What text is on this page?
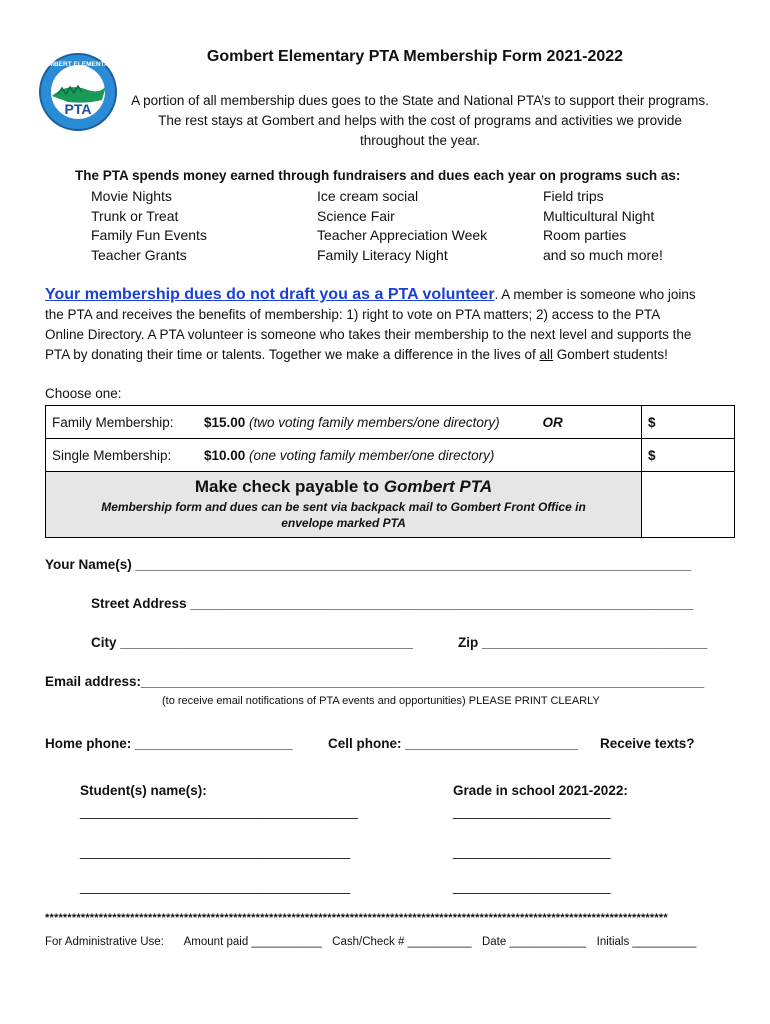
PTA
GOMBERT ELEMENTARY	Gombert Elementary PTA Membership Form 2021-2022
A portion of all membership dues goes to the State and National PTA’s to support their programs.
The rest stays at Gombert and helps with the cost of programs and activities we provide
throughout the year.
The PTA spends money earned through fundraisers and dues each year on programs such as:
Movie Nights
Trunk or Treat
Family Fun Events
Teacher Grants
Ice cream social
Science Fair
Teacher Appreciation Week
Family Literacy Night
Field trips
Multicultural Night
Room parties
and so much more!
Your membership dues do not draft you as a PTA volunteer. A member is someone who joins
the PTA and receives the benefits of membership: 1) right to vote on PTA matters; 2) access to the PTA
Online Directory. A PTA volunteer is someone who takes their membership to the next level and supports the
PTA by donating their time or talents. Together we make a difference in the lives of all Gombert students!
Choose one:
Family Membership: $15.00 (two voting family members/one directory) OR	$
Single Membership: $10.00 (one voting family member/one directory)	$

Make check payable to Gombert PTA
Membership form and dues can be sent via backpack mail to Gombert Front Office in envelope marked PTA	

Your Name(s) __________________________________________________________________________
Street Address ___________________________________________________________________
City _______________________________________	Zip ______________________________
Email address:___________________________________________________________________________
(to receive email notifications of PTA events and opportunities) PLEASE PRINT CLEARLY
Home phone: _____________________	Cell phone: _______________________ Receive texts?
Student(s) name(s):	Grade in school 2021-2022:
_____________________________________	_____________________
____________________________________	_____________________
____________________________________	_____________________
*******************************************************************************************************************************************
For Administrative Use: Amount paid ___________ Cash/Check # __________ Date ____________ Initials __________
